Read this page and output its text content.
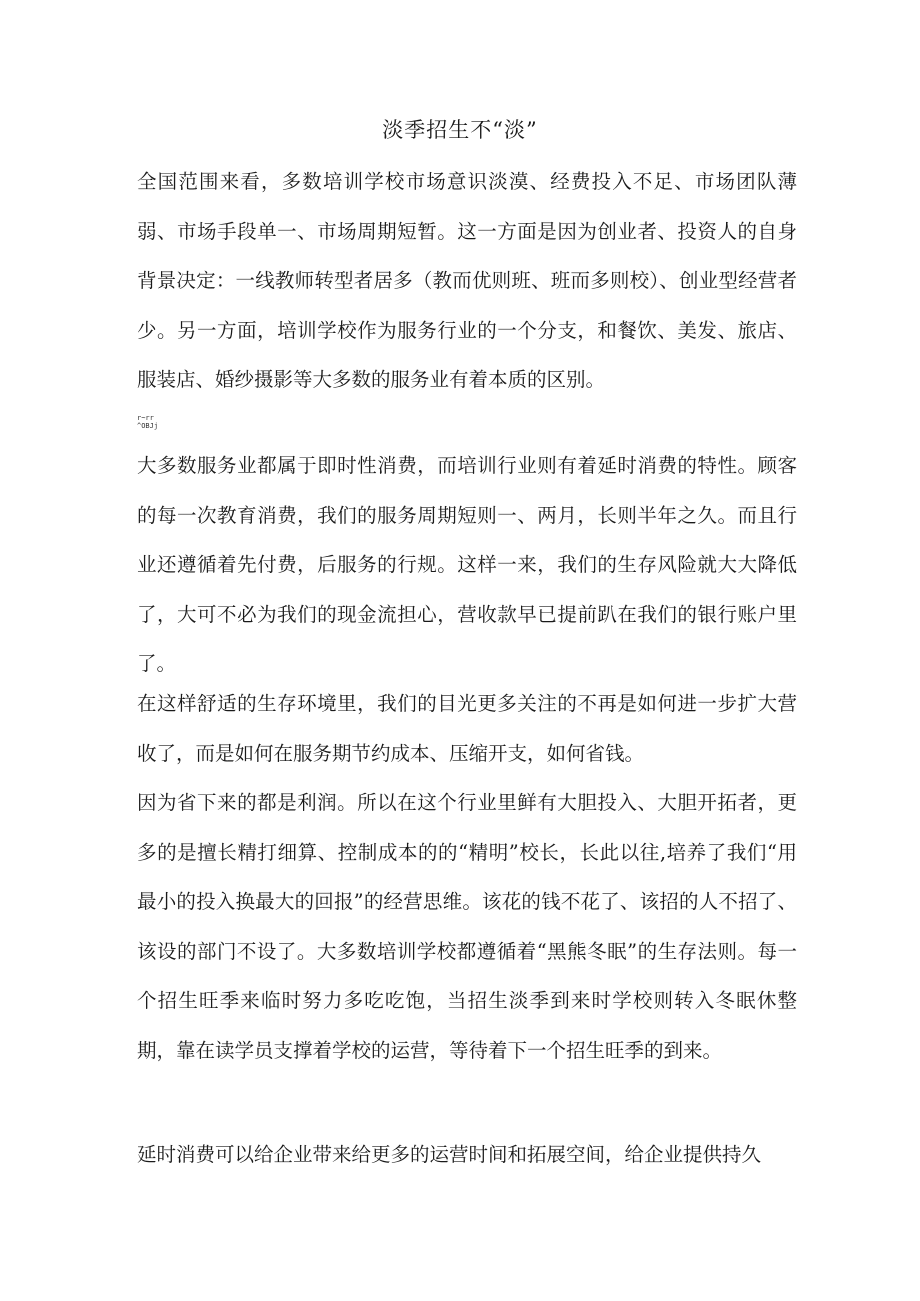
淡季招生不“淡”

全国范围来看，多数培训学校市场意识淡漠、经费投入不足、市场团队薄弱、市场手段单一、市场周期短暂。这一方面是因为创业者、投资人的自身背景决定：一线教师转型者居多（教而优则班、班而多则校）、创业型经营者少。另一方面，培训学校作为服务行业的一个分支，和餐饮、美发、旅店、服装店、婚纱摄影等大多数的服务业有着本质的区别。

r~rr
^OBJj

大多数服务业都属于即时性消费，而培训行业则有着延时消费的特性。顾客的每一次教育消费，我们的服务周期短则一、两月，长则半年之久。而且行业还遵循着先付费，后服务的行规。这样一来，我们的生存风险就大大降低了，大可不必为我们的现金流担心，营收款早已提前趴在我们的银行账户里了。

在这样舒适的生存环境里，我们的目光更多关注的不再是如何进一步扩大营收了，而是如何在服务期节约成本、压缩开支，如何省钱。

因为省下来的都是利润。所以在这个行业里鲜有大胆投入、大胆开拓者，更多的是擅长精打细算、控制成本的的“精明”校长，长此以往,培养了我们“用最小的投入换最大的回报”的经营思维。该花的钱不花了、该招的人不招了、该设的部门不设了。大多数培训学校都遵循着“黑熊冬眠”的生存法则。每一个招生旺季来临时努力多吃吃饱，当招生淡季到来时学校则转入冬眠休整期，靠在读学员支撑着学校的运营，等待着下一个招生旺季的到来。

延时消费可以给企业带来给更多的运营时间和拓展空间，给企业提供持久
